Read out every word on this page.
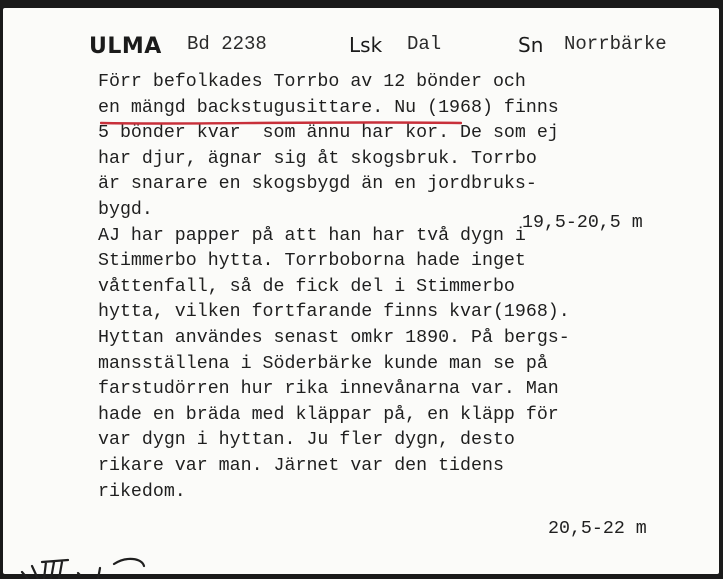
ULMA Bd 2238	Lsk Dal	Sn Norrbärke
Förr befolkades Torrbo av 12 bönder och
en mängd backstugusittare. Nu (1968) finns
5 bönder kvar  som ännu har kor. De som ej
har djur, ägnar sig åt skogsbruk. Torrbo
är snarare en skogsbygd än en jordbruks-
bygd.
AJ har papper på att han har två dygn i
Stimmerbo hytta. Torrboborna hade inget
våttenfall, så de fick del i Stimmerbo
hytta, vilken fortfarande finns kvar(1968).
Hyttan användes senast omkr 1890. På bergs-
mansställena i Söderbärke kunde man se på
farstudörren hur rika innevånarna var. Man
hade en bräda med kläppar på, en kläpp för
var dygn i hyttan. Ju fler dygn, desto
rikare var man. Järnet var den tidens
rikedom.
19,5-20,5 m
20,5-22 m
